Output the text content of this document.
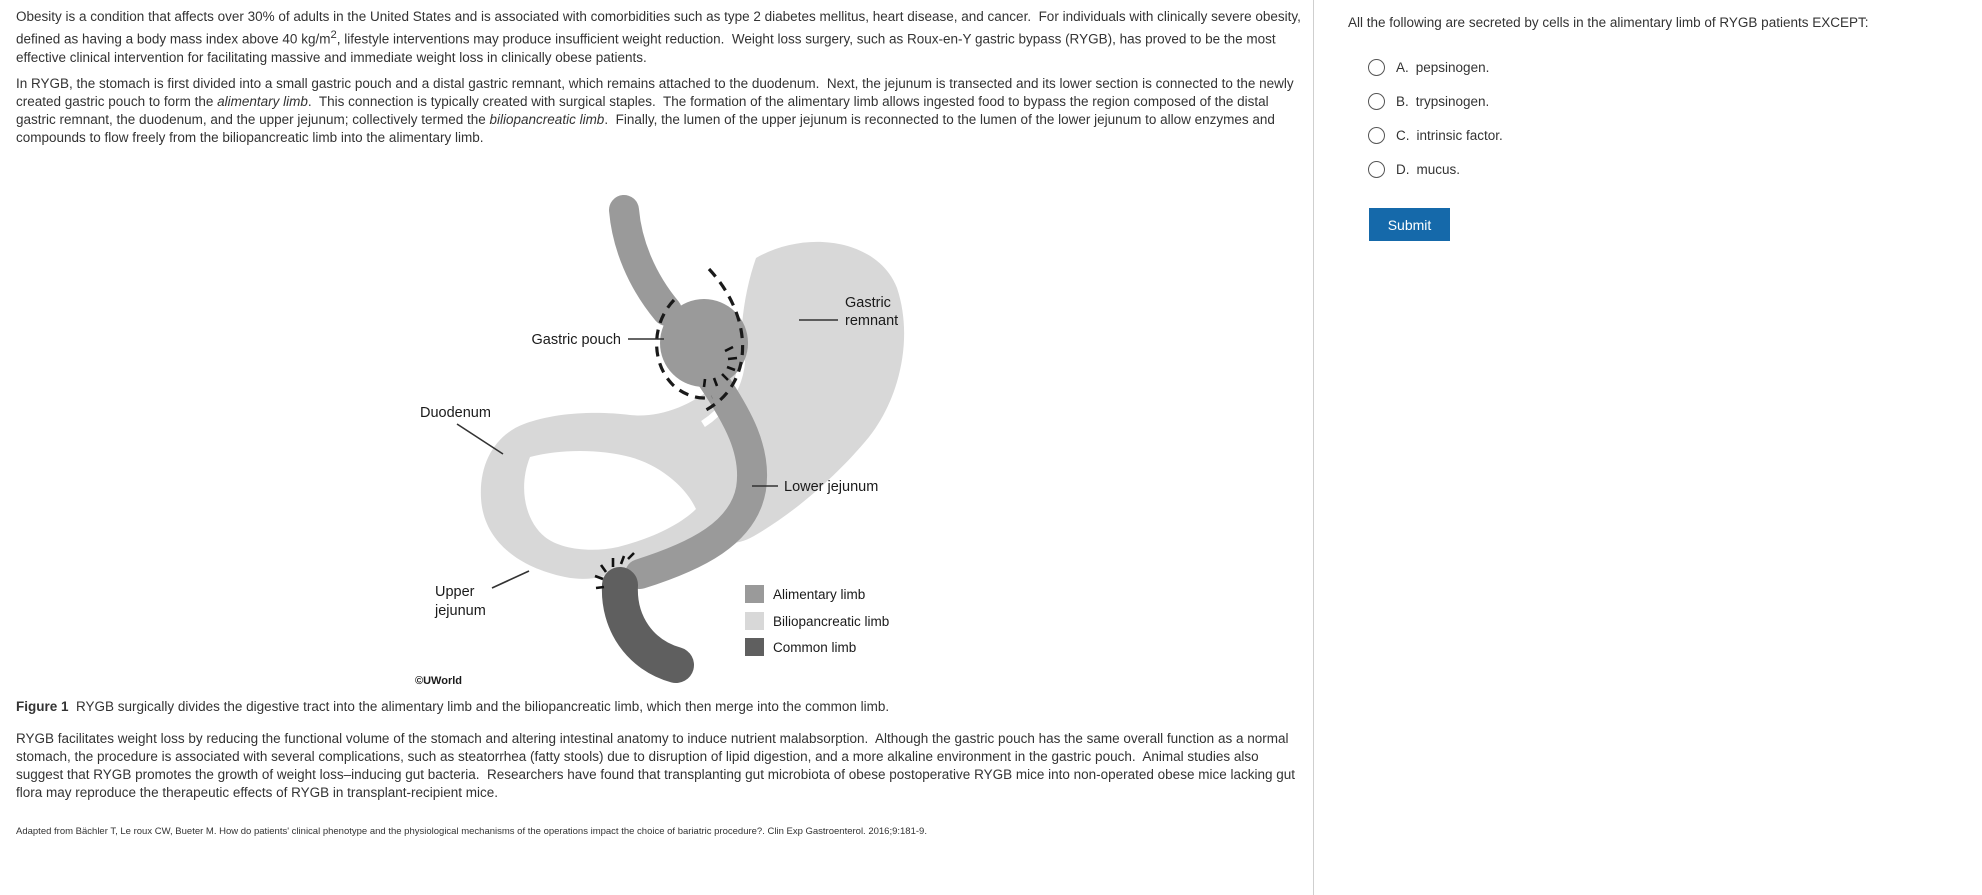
Obesity is a condition that affects over 30% of adults in the United States and is associated with comorbidities such as type 2 diabetes mellitus, heart disease, and cancer.  For individuals with clinically severe obesity, defined as having a body mass index above 40 $kg/m^2$, lifestyle interventions may produce insufficient weight reduction.  Weight loss surgery, such as Roux-en-Y gastric bypass (RYGB), has proved to be the most effective clinical intervention for facilitating massive and immediate weight loss in clinically obese patients.

In RYGB, the stomach is first divided into a small gastric pouch and a distal gastric remnant, which remains attached to the duodenum.  Next, the jejunum is transected and its lower section is connected to the newly created gastric pouch to form the alimentary limb.  This connection is typically created with surgical staples.  The formation of the alimentary limb allows ingested food to bypass the region composed of the distal gastric remnant, the duodenum, and the upper jejunum; collectively termed the biliopancreatic limb.  Finally, the lumen of the upper jejunum is reconnected to the lumen of the lower jejunum to allow enzymes and compounds to flow freely from the biliopancreatic limb into the alimentary limb.

Gastric pouch
Gastric
remnant
Duodenum
Lower jejunum
Upper
jejunum
©UWorld
Alimentary limb
Biliopancreatic limb
Common limb

Figure 1 RYGB surgically divides the digestive tract into the alimentary limb and the biliopancreatic limb, which then merge into the common limb.

RYGB facilitates weight loss by reducing the functional volume of the stomach and altering intestinal anatomy to induce nutrient malabsorption.  Although the gastric pouch has the same overall function as a normal stomach, the procedure is associated with several complications, such as steatorrhea (fatty stools) due to disruption of lipid digestion, and a more alkaline environment in the gastric pouch.  Animal studies also suggest that RYGB promotes the growth of weight loss–inducing gut bacteria.  Researchers have found that transplanting gut microbiota of obese postoperative RYGB mice into non-operated obese mice lacking gut flora may reproduce the therapeutic effects of RYGB in transplant-recipient mice.

Adapted from Bächler T, Le roux CW, Bueter M. How do patients' clinical phenotype and the physiological mechanisms of the operations impact the choice of bariatric procedure?. Clin Exp Gastroenterol. 2016;9:181-9.

All the following are secreted by cells in the alimentary limb of RYGB patients EXCEPT:
A. pepsinogen.
B. trypsinogen.
C. intrinsic factor.
D. mucus.
Submit
